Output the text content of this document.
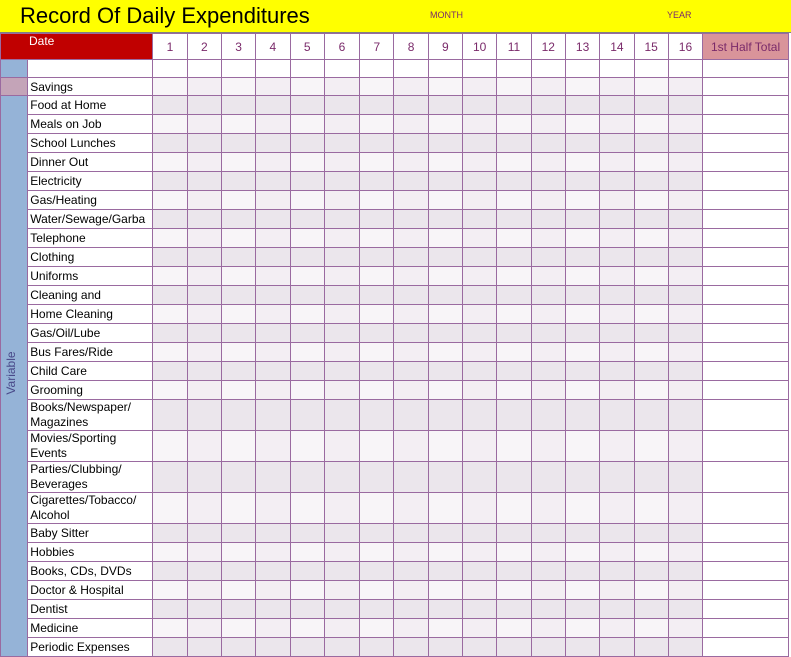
Record Of Daily Expenditures	MONTH	YEAR
Date		1	2	3	4	5	6	7	8	9	10	11	12	13	14	15	16	1st Half Total

	Savings																	

Variable	Food at Home																	
	Meals on Job																	
	School Lunches																	
	Dinner Out																	
	Electricity																	
	Gas/Heating																	
	Water/Sewage/Garba																	
	Telephone																	
	Clothing																	
	Uniforms																	
	Cleaning and																	
	Home Cleaning																	
	Gas/Oil/Lube																	
	Bus Fares/Ride																	
	Child Care																	
	Grooming																	
	Books/Newspaper/ Magazines																	
	Movies/Sporting Events																	
	Parties/Clubbing/ Beverages																	
	Cigarettes/Tobacco/ Alcohol																	
	Baby Sitter																	
	Hobbies																	
	Books, CDs, DVDs																	
	Doctor & Hospital																	
	Dentist																	
	Medicine																	
	Periodic Expenses																	
